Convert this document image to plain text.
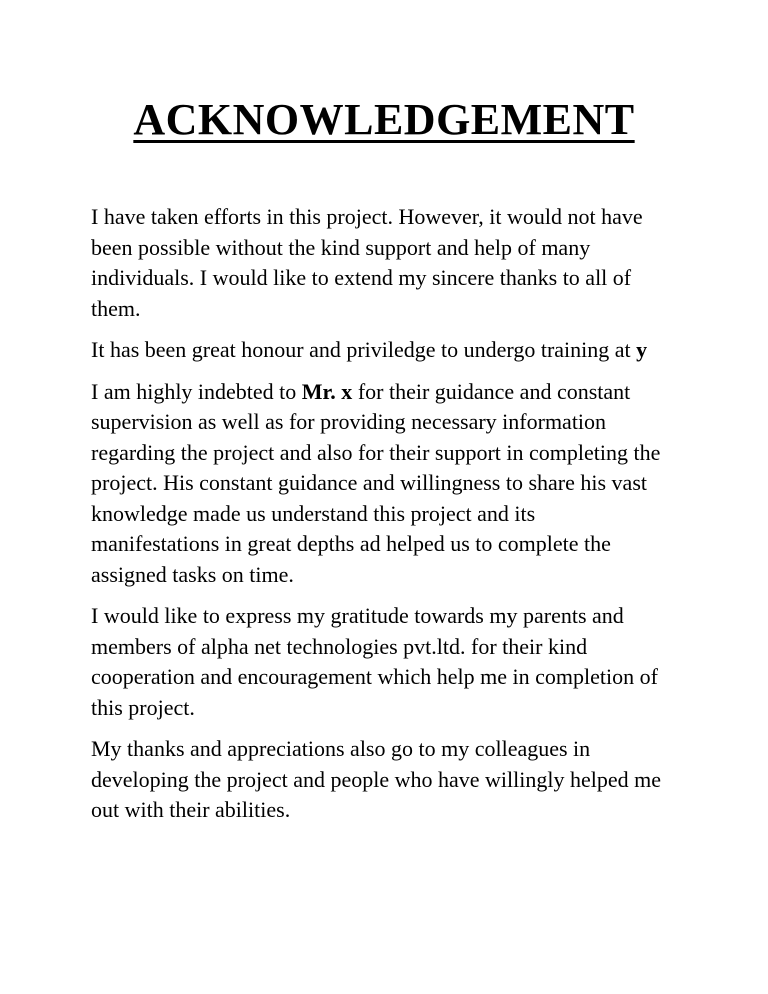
ACKNOWLEDGEMENT

I have taken efforts in this project. However, it would not have
been possible without the kind support and help of many
individuals. I would like to extend my sincere thanks to all of
them.

It has been great honour and priviledge to undergo training at y

I am highly indebted to Mr. x for their guidance and constant
supervision as well as for providing necessary information
regarding the project and also for their support in completing the
project. His constant guidance and willingness to share his vast
knowledge made us understand this project and its
manifestations in great depths ad helped us to complete the
assigned tasks on time.

I would like to express my gratitude towards my parents and
members of alpha net technologies pvt.ltd. for their kind
cooperation and encouragement which help me in completion of
this project.

My thanks and appreciations also go to my colleagues in
developing the project and people who have willingly helped me
out with their abilities.
